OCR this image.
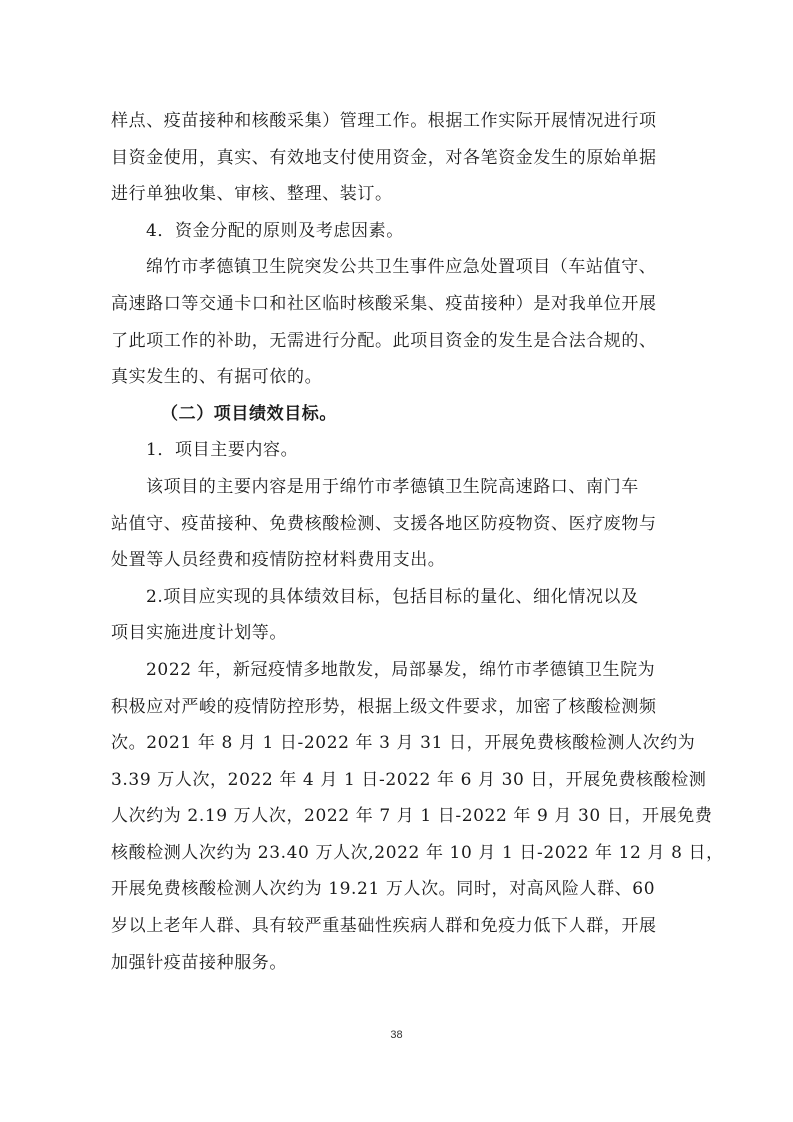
样点、疫苗接种和核酸采集）管理工作。根据工作实际开展情况进行项
目资金使用，真实、有效地支付使用资金，对各笔资金发生的原始单据
进行单独收集、审核、整理、装订。
4．资金分配的原则及考虑因素。
绵竹市孝德镇卫生院突发公共卫生事件应急处置项目（车站值守、
高速路口等交通卡口和社区临时核酸采集、疫苗接种）是对我单位开展
了此项工作的补助，无需进行分配。此项目资金的发生是合法合规的、
真实发生的、有据可依的。
（二）项目绩效目标。
1．项目主要内容。
该项目的主要内容是用于绵竹市孝德镇卫生院高速路口、南门车
站值守、疫苗接种、免费核酸检测、支援各地区防疫物资、医疗废物与
处置等人员经费和疫情防控材料费用支出。
2.项目应实现的具体绩效目标，包括目标的量化、细化情况以及
项目实施进度计划等。
2022 年，新冠疫情多地散发，局部暴发，绵竹市孝德镇卫生院为
积极应对严峻的疫情防控形势，根据上级文件要求，加密了核酸检测频
次。2021 年 8 月 1 日-2022 年 3 月 31 日，开展免费核酸检测人次约为
3.39 万人次，2022 年 4 月 1 日-2022 年 6 月 30 日，开展免费核酸检测
人次约为 2.19 万人次，2022 年 7 月 1 日-2022 年 9 月 30 日，开展免费
核酸检测人次约为 23.40 万人次,2022 年 10 月 1 日-2022 年 12 月 8 日，
开展免费核酸检测人次约为 19.21 万人次。同时，对高风险人群、60
岁以上老年人群、具有较严重基础性疾病人群和免疫力低下人群，开展
加强针疫苗接种服务。
38
